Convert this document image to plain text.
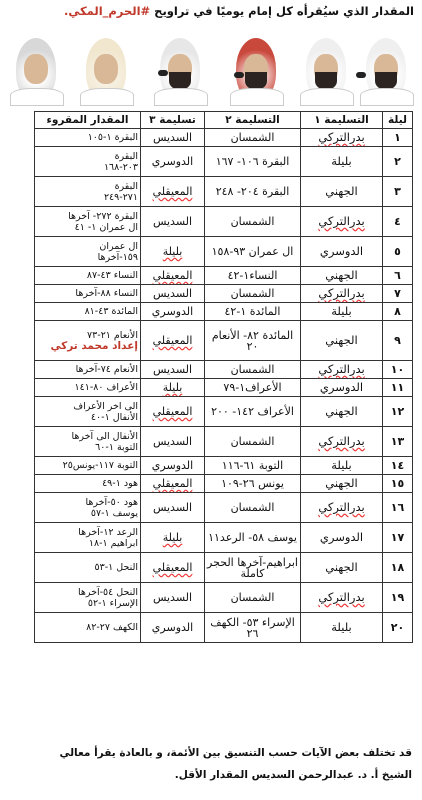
المقدار الذي سيُقرأه كل إمام يوميًا في تراويح #الحرم_المكي.
ليلة	التسليمة ١	التسليمة ٢	تسليمة ٣	المقدار المقروء
١	بدرالتركي	الشمسان	السديس	البقرة ١-١٠٥

٢	بليلة	البقرة ١٠٦- ١٦٧	الدوسري	البقرة
٢٠٣-١٦٨

٣	الجهني	البقرة ٢٠٤- ٢٤٨	المعيقلي	البقرة
٢٧١-٢٤٩

٤	بدرالتركي	الشمسان	السديس	البقرة ٢٧٢- آخرها
ال عمران ١- ٤١

٥	الدوسري	ال عمران ٩٣-١٥٨	بليلة	ال عمران
١٥٩-آخرها

٦	الجهني	النساء١-٤٢	المعيقلي	النساء ٤٣-٨٧

٧	بدرالتركي	الشمسان	السديس	النساء ٨٨-آخرها

٨	بليلة	المائدة ١-٤٢	الدوسري	المائدة ٤٣-٨١

٩	الجهني	المائدة ٨٢- الأنعام ٢٠	المعيقلي	الأنعام ٢١-٧٣
إعداد محمد تركي

١٠	بدرالتركي	الشمسان	السديس	الأنعام ٧٤-آخرها

١١	الدوسري	الأعراف١-٧٩	بليلة	الأعراف ٨٠-١٤١

١٢	الجهني	الأعراف ١٤٢- ٢٠٠	المعيقلي	الى اخر الأعراف
الأنفال ١-٤٠

١٣	بدرالتركي	الشمسان	السديس	الأنفال الى آخرها
التوبة ١-٦٠

١٤	بليلة	التوبة ٦١-١١٦	الدوسري	التوبة ١١٧-يونس٢٥

١٥	الجهني	يونس ٢٦-١٠٩	المعيقلي	هود ١-٤٩

١٦	بدرالتركي	الشمسان	السديس	هود ٥٠-آخرها
يوسف ١-٥٧

١٧	الدوسري	يوسف ٥٨- الرعد١١	بليلة	الرعد ١٢-آخرها
ابراهيم ١-١٨

١٨	الجهني	ابراهيم-آخرها الحجر كاملة	المعيقلي	النحل ١-٥٣

١٩	بدرالتركي	الشمسان	السديس	النحل ٥٤-آخرها
الإسراء ١-٥٢

٢٠	بليلة	الإسراء ٥٣- الكهف ٢٦	الدوسري	الكهف ٢٧-٨٢
قد تختلف بعض الآيات حسب التنسيق بين الأئمة، و بالعادة يقرأ معالي
الشيخ أ. د. عبدالرحمن السديس المقدار الأقل.
